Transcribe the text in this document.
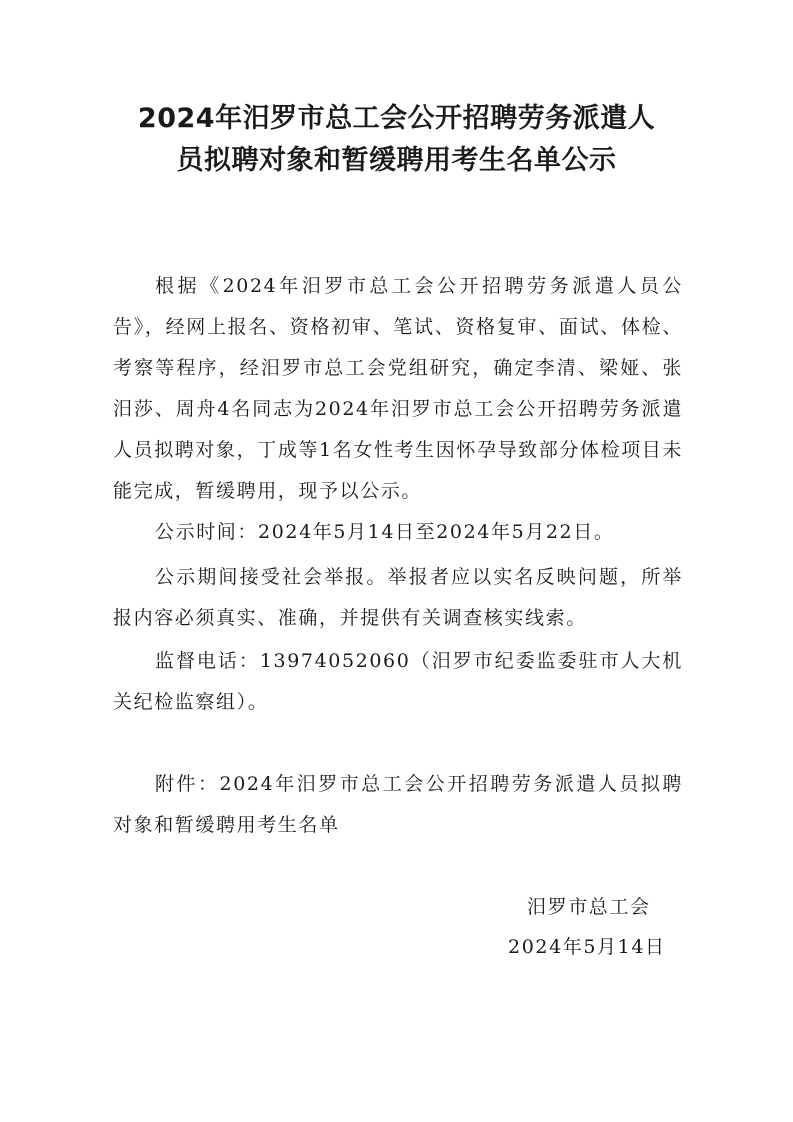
2024年汨罗市总工会公开招聘劳务派遣人
员拟聘对象和暂缓聘用考生名单公示
根据《2024年汨罗市总工会公开招聘劳务派遣人员公告》，经网上报名、资格初审、笔试、资格复审、面试、体检、考察等程序，经汨罗市总工会党组研究，确定李清、梁娅、张汨莎、周舟4名同志为2024年汨罗市总工会公开招聘劳务派遣人员拟聘对象，丁成等1名女性考生因怀孕导致部分体检项目未能完成，暂缓聘用，现予以公示。
公示时间：2024年5月14日至2024年5月22日。
公示期间接受社会举报。举报者应以实名反映问题，所举报内容必须真实、准确，并提供有关调查核实线索。
监督电话：13974052060（汨罗市纪委监委驻市人大机关纪检监察组）。
附件：2024年汨罗市总工会公开招聘劳务派遣人员拟聘对象和暂缓聘用考生名单
汨罗市总工会
2024年5月14日
